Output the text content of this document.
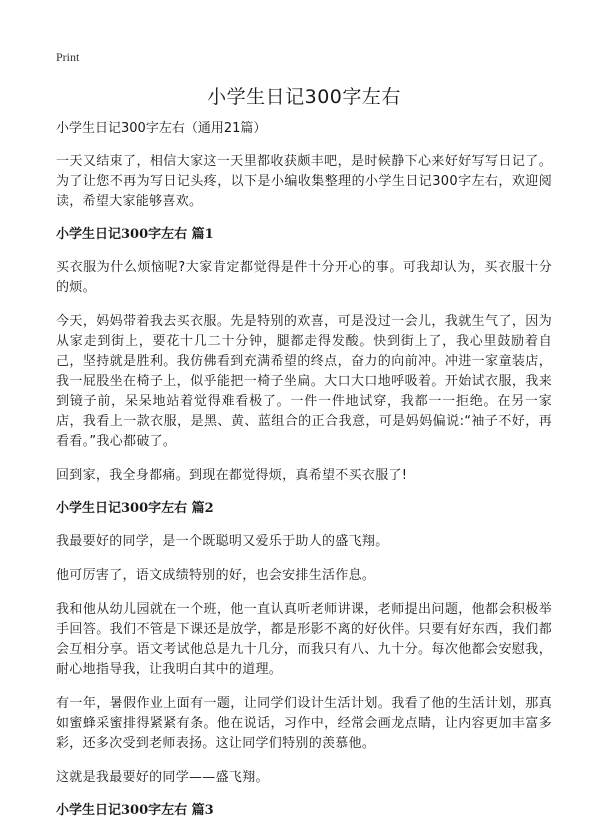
Print
小学生日记300字左右
小学生日记300字左右（通用21篇）

一天又结束了，相信大家这一天里都收获颇丰吧，是时候静下心来好好写写日记了。为了让您不再为写日记头疼，以下是小编收集整理的小学生日记300字左右，欢迎阅读，希望大家能够喜欢。

小学生日记300字左右 篇1

买衣服为什么烦恼呢?大家肯定都觉得是件十分开心的事。可我却认为，买衣服十分的烦。

今天，妈妈带着我去买衣服。先是特别的欢喜，可是没过一会儿，我就生气了，因为从家走到街上，要花十几二十分钟，腿都走得发酸。快到街上了，我心里鼓励着自己，坚持就是胜利。我仿佛看到充满希望的终点，奋力的向前冲。冲进一家童装店，我一屁股坐在椅子上，似乎能把一椅子坐扁。大口大口地呼吸着。开始试衣服，我来到镜子前，呆呆地站着觉得难看极了。一件一件地试穿，我都一一拒绝。在另一家店，我看上一款衣服，是黑、黄、蓝组合的正合我意，可是妈妈偏说:“袖子不好，再看看。”我心都破了。

回到家，我全身都痛。到现在都觉得烦，真希望不买衣服了!

小学生日记300字左右 篇2

我最要好的同学，是一个既聪明又爱乐于助人的盛飞翔。

他可厉害了，语文成绩特别的好，也会安排生活作息。

我和他从幼儿园就在一个班，他一直认真听老师讲课，老师提出问题，他都会积极举手回答。我们不管是下课还是放学，都是形影不离的好伙伴。只要有好东西，我们都会互相分享。语文考试他总是九十几分，而我只有八、九十分。每次他都会安慰我，耐心地指导我，让我明白其中的道理。

有一年，暑假作业上面有一题，让同学们设计生活计划。我看了他的生活计划，那真如蜜蜂采蜜排得紧紧有条。他在说话，习作中，经常会画龙点睛，让内容更加丰富多彩，还多次受到老师表扬。这让同学们特别的羡慕他。

这就是我最要好的同学——盛飞翔。

小学生日记300字左右 篇3
